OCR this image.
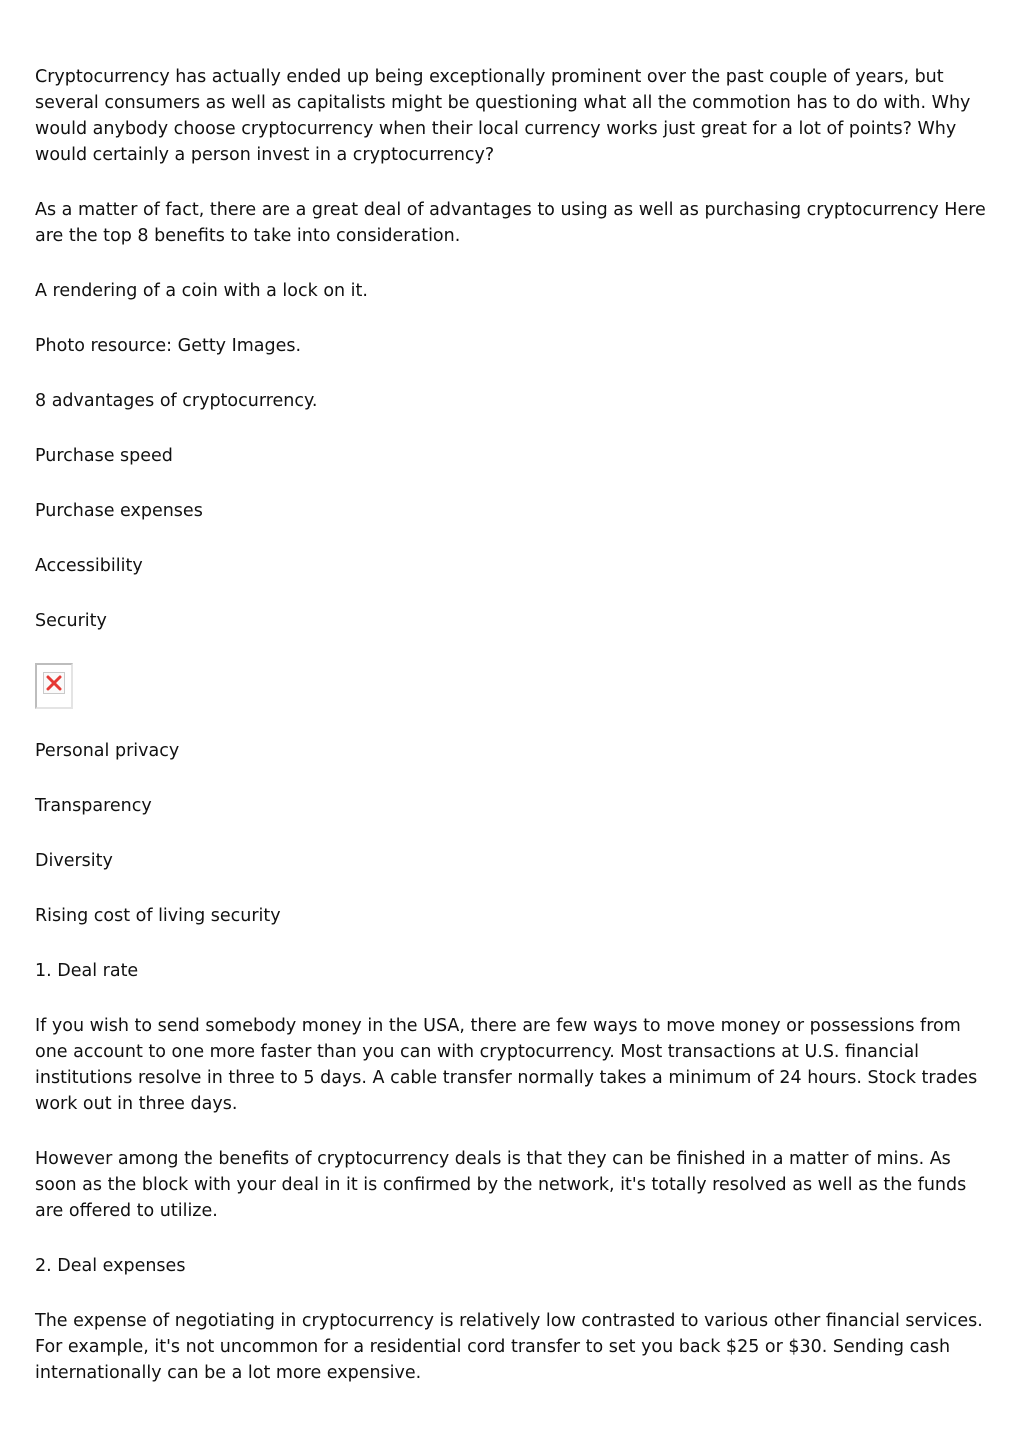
Cryptocurrency has actually ended up being exceptionally prominent over the past couple of years, but several consumers as well as capitalists might be questioning what all the commotion has to do with. Why would anybody choose cryptocurrency when their local currency works just great for a lot of points? Why would certainly a person invest in a cryptocurrency?

As a matter of fact, there are a great deal of advantages to using as well as purchasing cryptocurrency Here are the top 8 benefits to take into consideration.

A rendering of a coin with a lock on it.

Photo resource: Getty Images.

8 advantages of cryptocurrency.

Purchase speed

Purchase expenses

Accessibility

Security

Personal privacy

Transparency

Diversity

Rising cost of living security

1. Deal rate

If you wish to send somebody money in the USA, there are few ways to move money or possessions from one account to one more faster than you can with cryptocurrency. Most transactions at U.S. financial institutions resolve in three to 5 days. A cable transfer normally takes a minimum of 24 hours. Stock trades work out in three days.

However among the benefits of cryptocurrency deals is that they can be finished in a matter of mins. As soon as the block with your deal in it is confirmed by the network, it's totally resolved as well as the funds are offered to utilize.

2. Deal expenses

The expense of negotiating in cryptocurrency is relatively low contrasted to various other financial services. For example, it's not uncommon for a residential cord transfer to set you back $25 or $30. Sending cash internationally can be a lot more expensive.
